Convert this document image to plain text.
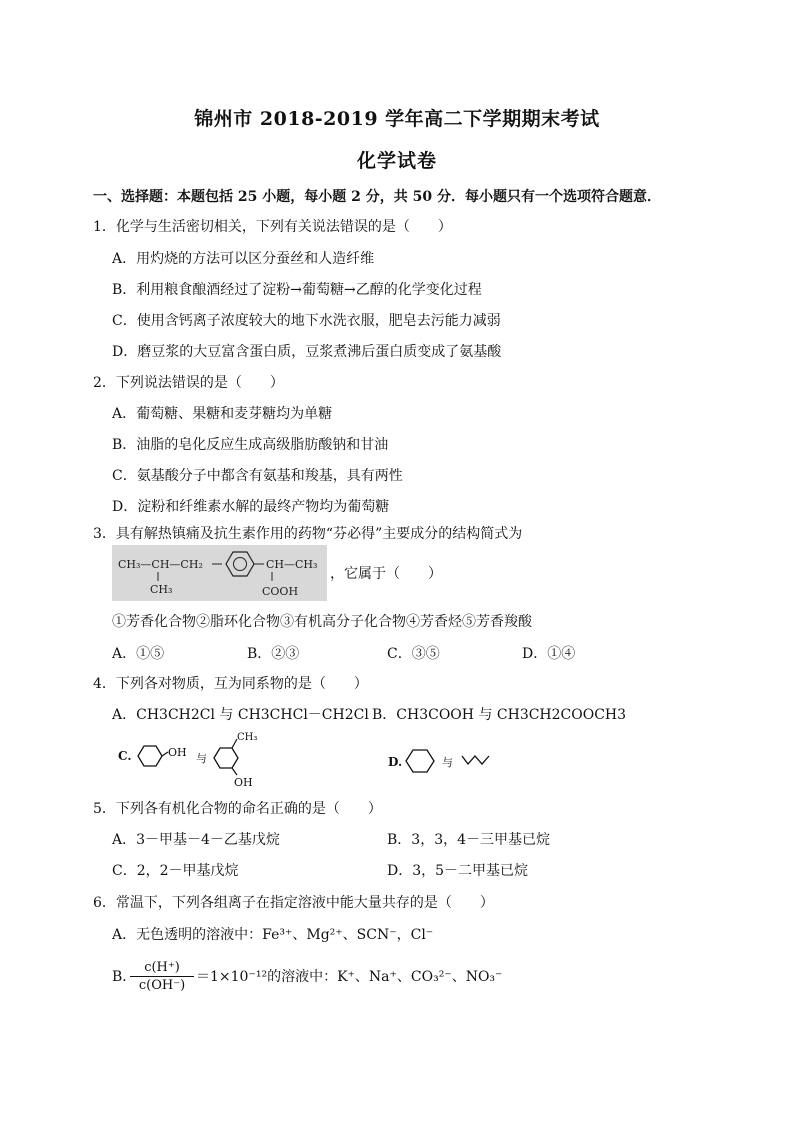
锦州市 2018-2019 学年高二下学期期末考试
化学试卷
一、选择题：本题包括 25 小题，每小题 2 分，共 50 分．每小题只有一个选项符合题意．
1．化学与生活密切相关，下列有关说法错误的是（　　）
A．用灼烧的方法可以区分蚕丝和人造纤维
B．利用粮食酿酒经过了淀粉→葡萄糖→乙醇的化学变化过程
C．使用含钙离子浓度较大的地下水洗衣服，肥皂去污能力减弱
D．磨豆浆的大豆富含蛋白质，豆浆煮沸后蛋白质变成了氨基酸
2．下列说法错误的是（　　）
A．葡萄糖、果糖和麦芽糖均为单糖
B．油脂的皂化反应生成高级脂肪酸钠和甘油
C．氨基酸分子中都含有氨基和羧基，具有两性
D．淀粉和纤维素水解的最终产物均为葡萄糖
3．具有解热镇痛及抗生素作用的药物“芬必得”主要成分的结构简式为
CH₃—CH—CH₂
CH₃
CH—CH₃
COOH
，它属于（　　）
①芳香化合物②脂环化合物③有机高分子化合物④芳香烃⑤芳香羧酸
A．①⑤	B．②③	C．③⑤	D．①④
4．下列各对物质，互为同系物的是（　　）
A．CH3CH2Cl 与 CH3CHCl－CH2Cl B．CH3COOH 与 CH3CH2COOCH3
C.	OH 与
CH₃
OH
D.	与
5．下列各有机化合物的命名正确的是（　　）
A．3－甲基－4－乙基戊烷	B．3，3，4－三甲基已烷
C．2，2－甲基戊烷	D．3，5－二甲基已烷
6．常温下，下列各组离子在指定溶液中能大量共存的是（　　）
A．无色透明的溶液中：Fe³⁺、Mg²⁺、SCN⁻，Cl⁻
B．
$\frac{c(H^+)}{c(OH^-)} =1\times 10^{-12}$的溶液中：K⁺、Na⁺、CO₃²⁻、NO₃⁻
